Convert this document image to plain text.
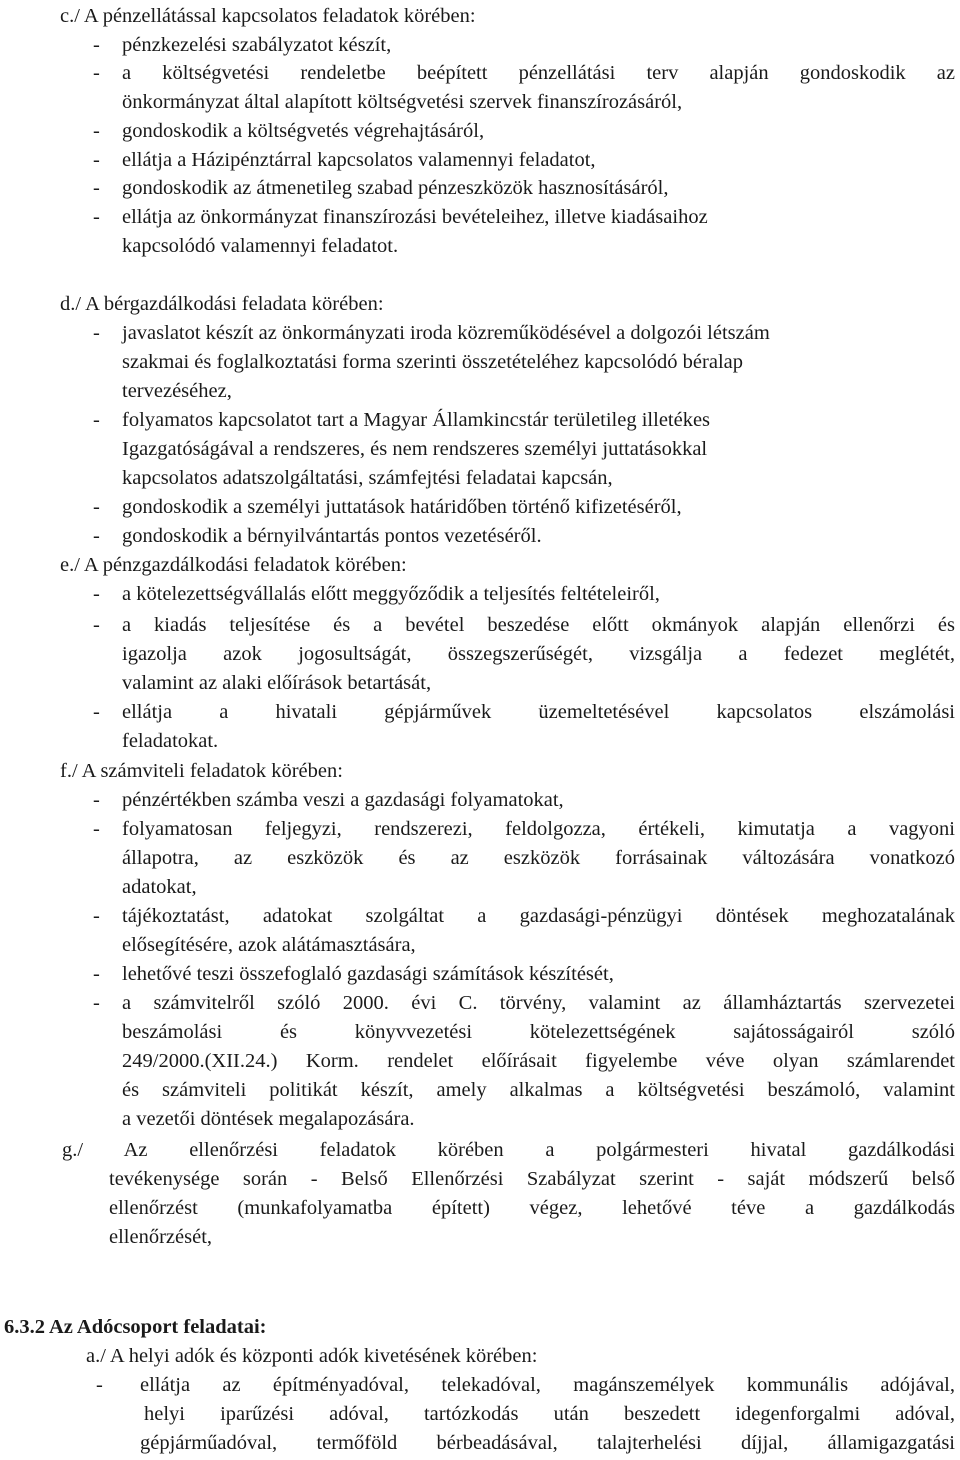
c./ A pénzellátással kapcsolatos feladatok körében:
- pénzkezelési szabályzatot készít,
- a költségvetési rendeletbe beépített pénzellátási terv alapján gondoskodik az
önkormányzat által alapított költségvetési szervek finanszírozásáról,
- gondoskodik a költségvetés végrehajtásáról,
- ellátja a Házipénztárral kapcsolatos valamennyi feladatot,
- gondoskodik az átmenetileg szabad pénzeszközök hasznosításáról,
- ellátja az önkormányzat finanszírozási bevételeihez, illetve kiadásaihoz
kapcsolódó valamennyi feladatot.
d./ A bérgazdálkodási feladata körében:
- javaslatot készít az önkormányzati iroda közreműködésével a dolgozói létszám
szakmai és foglalkoztatási forma szerinti összetételéhez kapcsolódó béralap
tervezéséhez,
- folyamatos kapcsolatot tart a Magyar Államkincstár területileg illetékes
Igazgatóságával a rendszeres, és nem rendszeres személyi juttatásokkal
kapcsolatos adatszolgáltatási, számfejtési feladatai kapcsán,
- gondoskodik a személyi juttatások határidőben történő kifizetéséről,
- gondoskodik a bérnyilvántartás pontos vezetéséről.
e./ A pénzgazdálkodási feladatok körében:
- a kötelezettségvállalás előtt meggyőződik a teljesítés feltételeiről,
- a kiadás teljesítése és a bevétel beszedése előtt okmányok alapján ellenőrzi és
igazolja azok jogosultságát, összegszerűségét, vizsgálja a fedezet meglétét,
valamint az alaki előírások betartását,
- ellátja a hivatali gépjárművek üzemeltetésével kapcsolatos elszámolási
feladatokat.
f./ A számviteli feladatok körében:
- pénzértékben számba veszi a gazdasági folyamatokat,
- folyamatosan feljegyzi, rendszerezi, feldolgozza, értékeli, kimutatja a vagyoni
állapotra, az eszközök és az eszközök forrásainak változására vonatkozó
adatokat,
- tájékoztatást, adatokat szolgáltat a gazdasági-pénzügyi döntések meghozatalának
elősegítésére, azok alátámasztására,
- lehetővé teszi összefoglaló gazdasági számítások készítését,
- a számvitelről szóló 2000. évi C. törvény, valamint az államháztartás szervezetei
beszámolási és könyvvezetési kötelezettségének sajátosságairól szóló
249/2000.(XII.24.) Korm. rendelet előírásait figyelembe véve olyan számlarendet
és számviteli politikát készít, amely alkalmas a költségvetési beszámoló, valamint
a vezetői döntések megalapozására.
g./ Az ellenőrzési feladatok körében a polgármesteri hivatal gazdálkodási
tevékenysége során - Belső Ellenőrzési Szabályzat szerint - saját módszerű belső
ellenőrzést (munkafolyamatba épített) végez, lehetővé téve a gazdálkodás
ellenőrzését,
6.3.2 Az Adócsoport feladatai:
a./ A helyi adók és központi adók kivetésének körében:
- ellátja az építményadóval, telekadóval, magánszemélyek kommunális adójával,
helyi iparűzési adóval, tartózkodás után beszedett idegenforgalmi adóval,
gépjárműadóval, termőföld bérbeadásával, talajterhelési díjjal, államigazgatási
